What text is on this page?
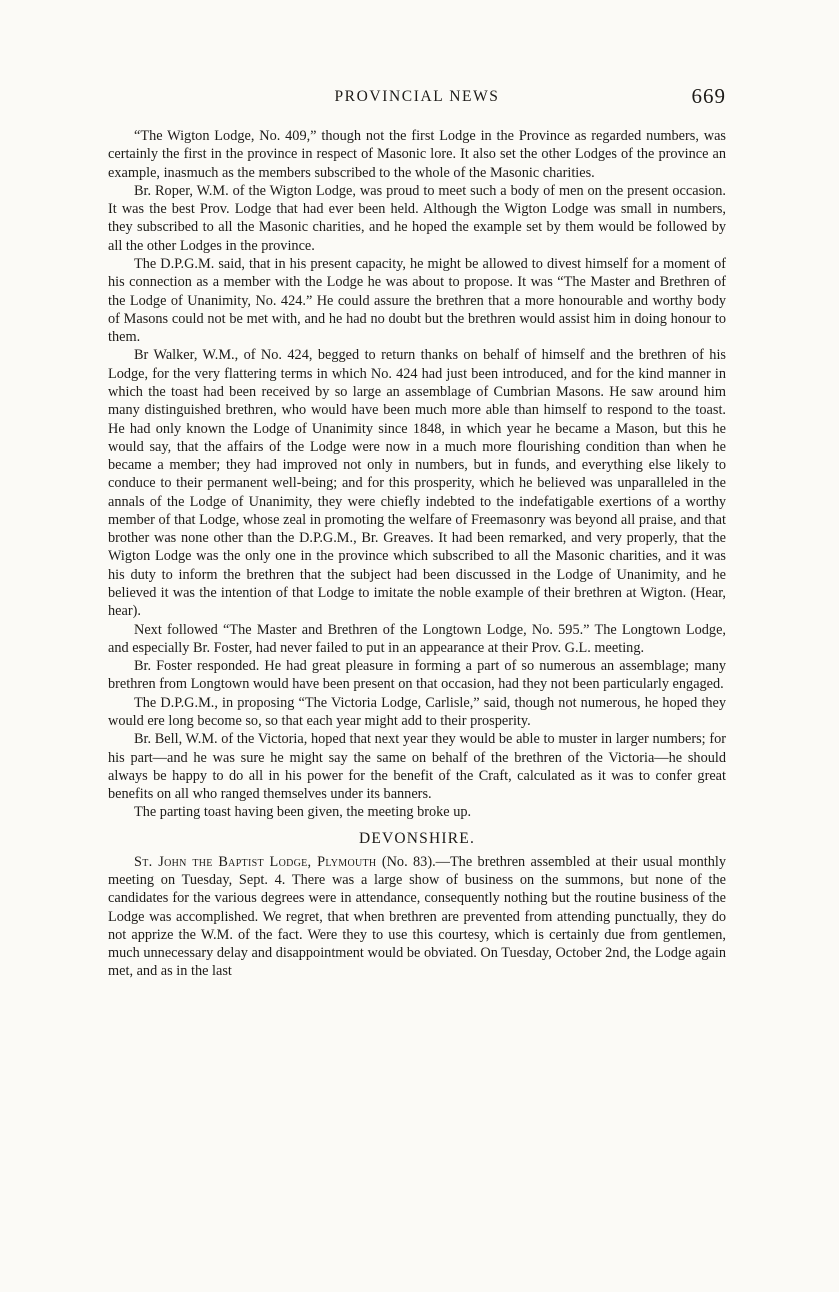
PROVINCIAL NEWS	669

“The Wigton Lodge, No. 409,” though not the first Lodge in the Province as regarded numbers, was certainly the first in the province in respect of Masonic lore. It also set the other Lodges of the province an example, inasmuch as the members subscribed to the whole of the Masonic charities.

Br. Roper, W.M. of the Wigton Lodge, was proud to meet such a body of men on the present occasion. It was the best Prov. Lodge that had ever been held. Although the Wigton Lodge was small in numbers, they subscribed to all the Masonic charities, and he hoped the example set by them would be followed by all the other Lodges in the province.

The D.P.G.M. said, that in his present capacity, he might be allowed to divest himself for a moment of his connection as a member with the Lodge he was about to propose. It was “The Master and Brethren of the Lodge of Unanimity, No. 424.” He could assure the brethren that a more honourable and worthy body of Masons could not be met with, and he had no doubt but the brethren would assist him in doing honour to them.

Br Walker, W.M., of No. 424, begged to return thanks on behalf of himself and the brethren of his Lodge, for the very flattering terms in which No. 424 had just been introduced, and for the kind manner in which the toast had been received by so large an assemblage of Cumbrian Masons. He saw around him many distinguished brethren, who would have been much more able than himself to respond to the toast. He had only known the Lodge of Unanimity since 1848, in which year he became a Mason, but this he would say, that the affairs of the Lodge were now in a much more flourishing condition than when he became a member; they had improved not only in numbers, but in funds, and everything else likely to conduce to their permanent well-being; and for this prosperity, which he believed was unparalleled in the annals of the Lodge of Unanimity, they were chiefly indebted to the indefatigable exertions of a worthy member of that Lodge, whose zeal in promoting the welfare of Freemasonry was beyond all praise, and that brother was none other than the D.P.G.M., Br. Greaves. It had been remarked, and very properly, that the Wigton Lodge was the only one in the province which subscribed to all the Masonic charities, and it was his duty to inform the brethren that the subject had been discussed in the Lodge of Unanimity, and he believed it was the intention of that Lodge to imitate the noble example of their brethren at Wigton. (Hear, hear).

Next followed “The Master and Brethren of the Longtown Lodge, No. 595.” The Longtown Lodge, and especially Br. Foster, had never failed to put in an appearance at their Prov. G.L. meeting.

Br. Foster responded. He had great pleasure in forming a part of so numerous an assemblage; many brethren from Longtown would have been present on that occasion, had they not been particularly engaged.

The D.P.G.M., in proposing “The Victoria Lodge, Carlisle,” said, though not numerous, he hoped they would ere long become so, so that each year might add to their prosperity.

Br. Bell, W.M. of the Victoria, hoped that next year they would be able to muster in larger numbers; for his part—and he was sure he might say the same on behalf of the brethren of the Victoria—he should always be happy to do all in his power for the benefit of the Craft, calculated as it was to confer great benefits on all who ranged themselves under its banners.

The parting toast having been given, the meeting broke up.

DEVONSHIRE.

St. John the Baptist Lodge, Plymouth (No. 83).—The brethren assembled at their usual monthly meeting on Tuesday, Sept. 4. There was a large show of business on the summons, but none of the candidates for the various degrees were in attendance, consequently nothing but the routine business of the Lodge was accomplished. We regret, that when brethren are prevented from attending punctually, they do not apprize the W.M. of the fact. Were they to use this courtesy, which is certainly due from gentlemen, much unnecessary delay and disappointment would be obviated. On Tuesday, October 2nd, the Lodge again met, and as in the last
